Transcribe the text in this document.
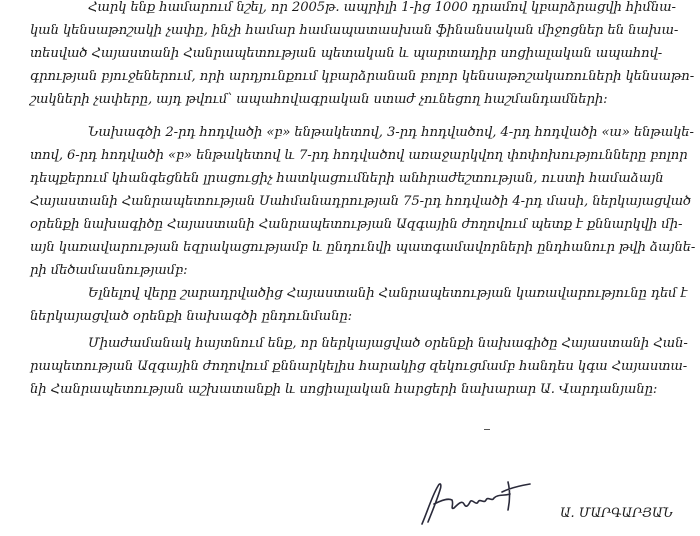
Հարկ ենք համարում նշել, որ 2005թ. ապրիլի 1-ից 1000 դրամով կբարձրացվի հիմնա-
կան կենսաթոշակի չափը, ինչի համար համապատասխան ֆինանսական միջոցներ են նախա-
տեսված Հայաստանի Հանրապետության պետական և պարտադիր սոցիալական ապահով-
գրության բյուջեներում, որի արդյունքում կբարձրանան բոլոր կենսաթոշակառուների կենսաթո-
շակների չափերը, այդ թվում՝ ապահովագրական ստաժ չունեցող հաշմանդամների:
Նախագծի 2-րդ հոդվածի «բ» ենթակետով, 3-րդ հոդվածով, 4-րդ հոդվածի «ա» ենթակե-
տով, 6-րդ հոդվածի «բ» ենթակետով և 7-րդ հոդվածով առաջարկվող փոփոխությունները բոլոր
դեպքերում կհանգեցնեն լրացուցիչ հատկացումների անհրաժեշտության, ուստի համաձայն
Հայաստանի Հանրապետության Սահմանադրության 75-րդ հոդվածի 4-րդ մասի, ներկայացված
օրենքի նախագիծը Հայաստանի Հանրապետության Ազգային ժողովում պետք է քննարկվի մի-
այն կառավարության եզրակացությամբ և ընդունվի պատգամավորների ընդհանուր թվի ձայնե-
րի մեծամասնությամբ:
Ելնելով վերը շարադրվածից Հայաստանի Հանրապետության կառավարությունը դեմ է
ներկայացված օրենքի նախագծի ընդունմանը:
Միաժամանակ հայտնում ենք, որ ներկայացված օրենքի նախագիծը Հայաստանի Հան-
րապետության Ազգային ժողովում քննարկելիս հարակից զեկուցմամբ հանդես կգա Հայաստա-
նի Հանրապետության աշխատանքի և սոցիալական հարցերի նախարար Ա. Վարդանյանը:
Ա. ՄԱՐԳԱՐՅԱՆ
